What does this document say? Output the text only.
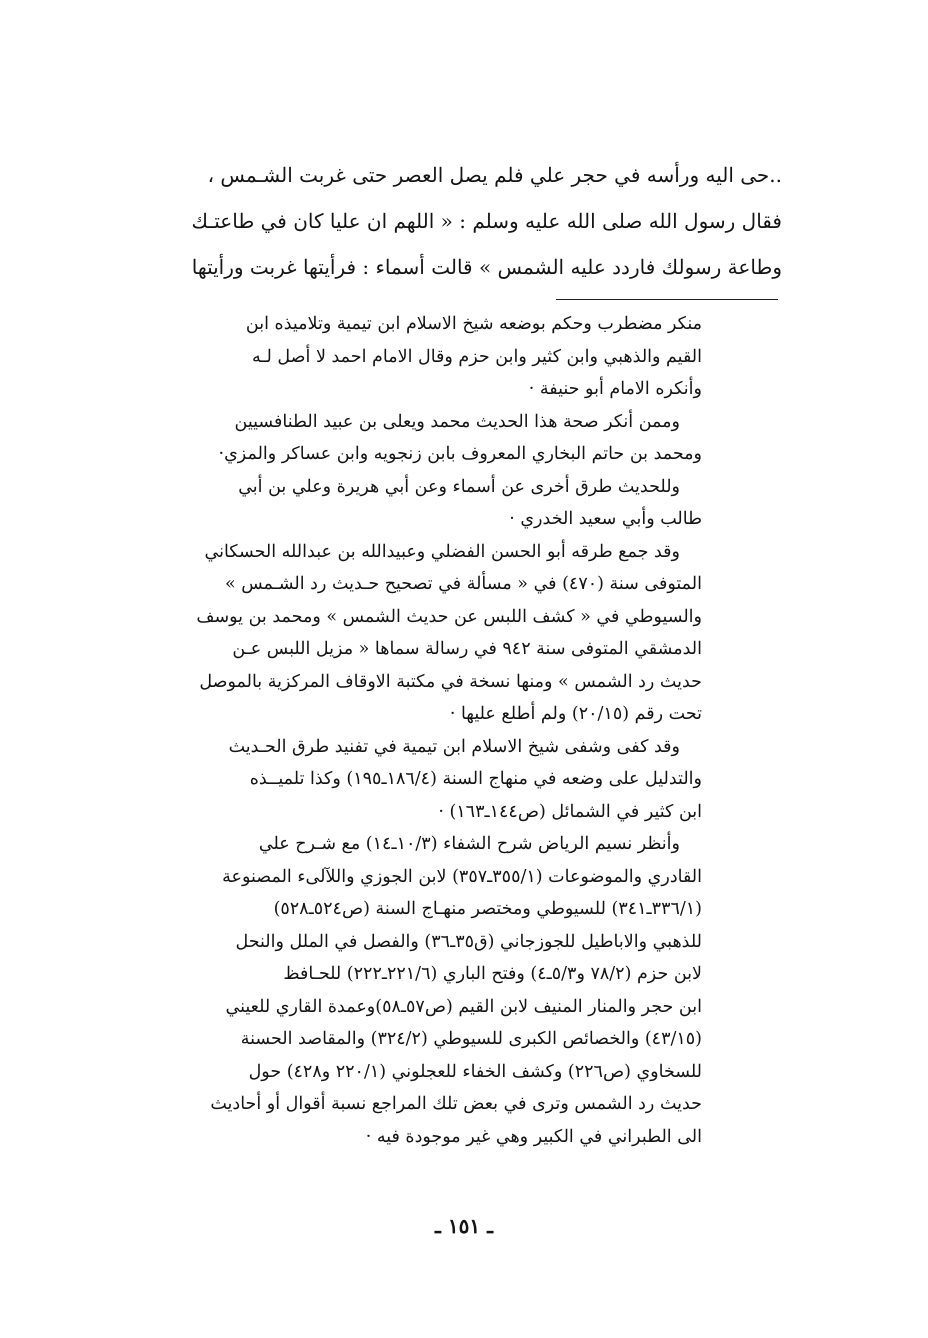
..حى اليه ورأسه في حجر علي فلم يصل العصر حتى غربت الشـمس ،
فقال رسول الله صلى الله عليه وسلم : « اللهم ان عليا كان في طاعتـك
وطاعة رسولك فاردد عليه الشمس » قالت أسماء : فرأيتها غربت ورأيتها
منكر مضطرب وحكم بوضعه شيخ الاسلام ابن تيمية وتلاميذه ابن
القيم والذهبي وابن كثير وابن حزم وقال الامام احمد لا أصل لـه
وأنكره الامام أبو حنيفة ·
وممن أنكر صحة هذا الحديث محمد ويعلى بن عبيد الطنافسيين
ومحمد بن حاتم البخاري المعروف بابن زنجويه وابن عساكر والمزي·
وللحديث طرق أخرى عن أسماء وعن أبي هريرة وعلي بن أبي
طالب وأبي سعيد الخدري ·
وقد جمع طرقه أبو الحسن الفضلي وعبيدالله بن عبدالله الحسكاني
المتوفى سنة (٤٧٠) في « مسألة في تصحيح حـديث رد الشـمس »
والسيوطي في « كشف اللبس عن حديث الشمس » ومحمد بن يوسف
الدمشقي المتوفى سنة ٩٤٢ في رسالة سماها « مزيل اللبس عـن
حديث رد الشمس » ومنها نسخة في مكتبة الاوقاف المركزية بالموصل
تحت رقم (٢٠/١٥) ولم أطلع عليها ·
وقد كفى وشفى شيخ الاسلام ابن تيمية في تفنيد طرق الحـديث
والتدليل على وضعه في منهاج السنة (١٨٦/٤ـ١٩٥) وكذا تلميــذه
ابن كثير في الشمائل (ص١٤٤ـ١٦٣) ·
وأنظر نسيم الرياض شرح الشفاء (١٠/٣ـ١٤) مع شـرح علي
القادري والموضوعات (٣٥٥/١ـ٣٥٧) لابن الجوزي واللآلىء المصنوعة
(٣٣٦/١ـ٣٤١) للسيوطي ومختصر منهـاج السنة (ص٥٢٤ـ٥٢٨)
للذهبي والاباطيل للجوزجاني (ق٣٥ـ٣٦) والفصل في الملل والنحل
لابن حزم (٧٨/٢ و٥/٣ـ٤) وفتح الباري (٢٢١/٦ـ٢٢٢) للحـافظ
ابن حجر والمنار المنيف لابن القيم (ص٥٧ـ٥٨)وعمدة القاري للعيني
(٤٣/١٥) والخصائص الكبرى للسيوطي (٣٢٤/٢) والمقاصد الحسنة
للسخاوي (ص٢٢٦) وكشف الخفاء للعجلوني (٢٢٠/١ و٤٢٨) حول
حديث رد الشمس وترى في بعض تلك المراجع نسبة أقوال أو أحاديث
الى الطبراني في الكبير وهي غير موجودة فيه ·
ـ ١٥١ ـ
